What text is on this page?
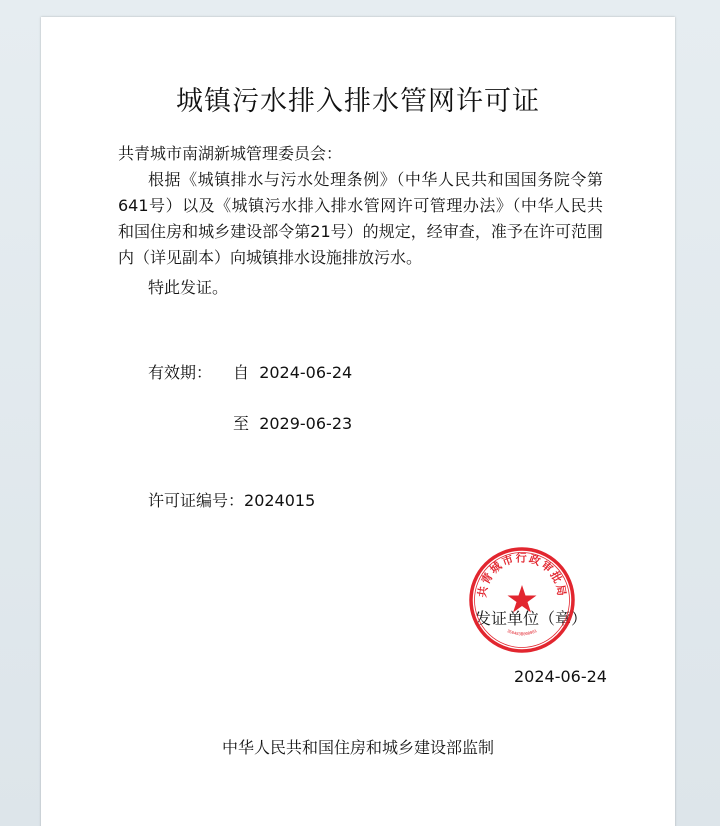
城镇污水排入排水管网许可证
共青城市南湖新城管理委员会：
根据《城镇排水与污水处理条例》（中华人民共和国国务院令第641号）以及《城镇污水排入排水管网许可管理办法》（中华人民共和国住房和城乡建设部令第21号）的规定，经审查，准予在许可范围内（详见副本）向城镇排水设施排放污水。
特此发证。
有效期： 自 2024-06-24
至 2029-06-23
许可证编号：2024015
发证单位（章）
共青城市行政审批局
3604830000001
2024-06-24
中华人民共和国住房和城乡建设部监制
